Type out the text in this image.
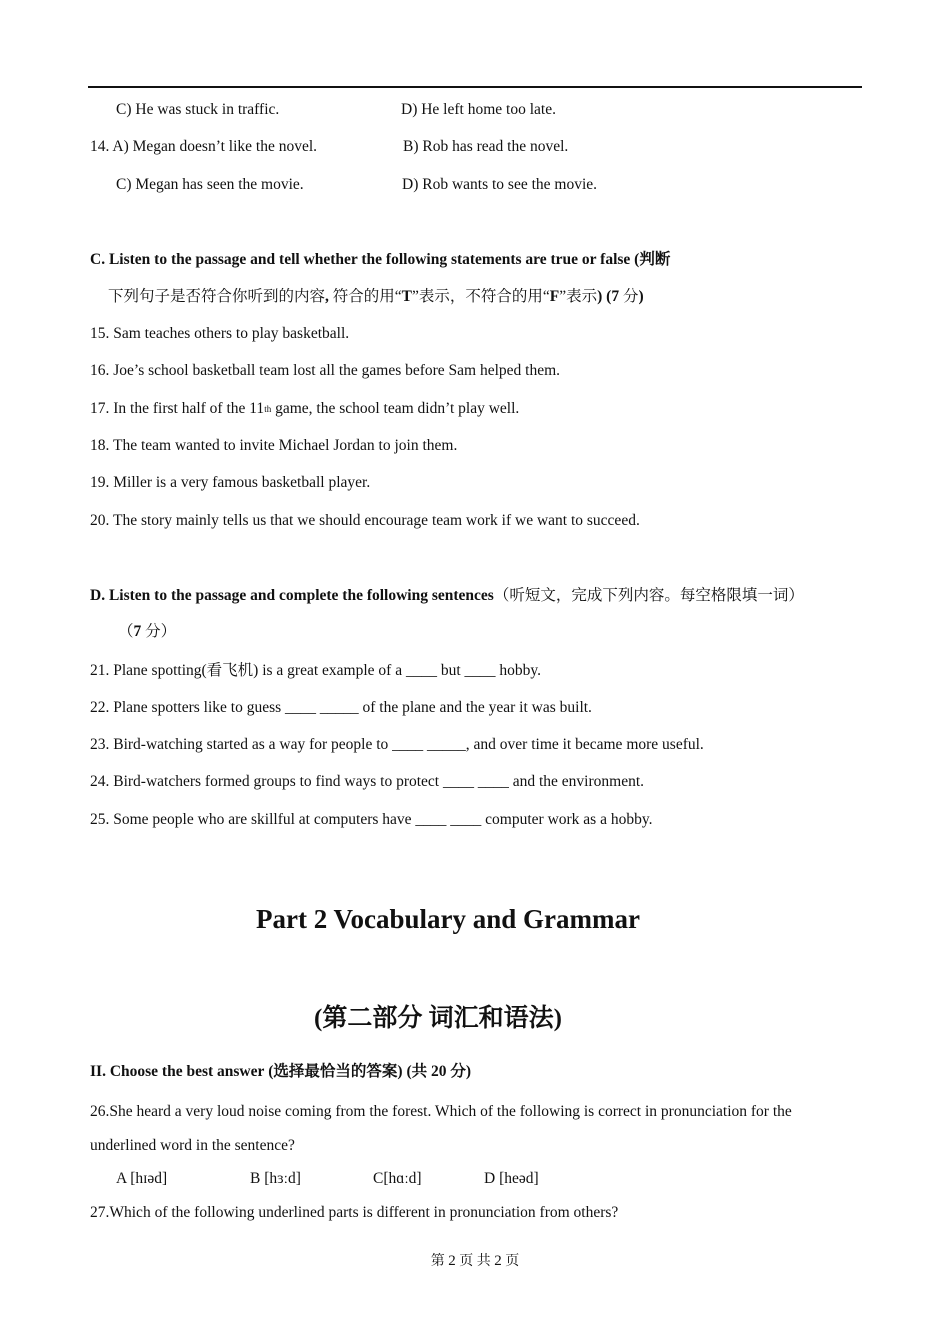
C) He was stuck in traffic.	D) He left home too late.
14. A) Megan doesn’t like the novel.	B) Rob has read the novel.
C) Megan has seen the movie.	D) Rob wants to see the movie.
C. Listen to the passage and tell whether the following statements are true or false (判断
下列句子是否符合你听到的内容, 符合的用“T”表示，不符合的用“F”表示) (7 分)
15. Sam teaches others to play basketball.
16. Joe’s school basketball team lost all the games before Sam helped them.
17. In the first half of the 11th game, the school team didn’t play well.
18. The team wanted to invite Michael Jordan to join them.
19. Miller is a very famous basketball player.
20. The story mainly tells us that we should encourage team work if we want to succeed.
D. Listen to the passage and complete the following sentences（听短文，完成下列内容。每空格限填一词）
（7 分）
21. Plane spotting(看飞机) is a great example of a ____ but ____ hobby.
22. Plane spotters like to guess ____ _____ of the plane and the year it was built.
23. Bird-watching started as a way for people to ____ _____, and over time it became more useful.
24. Bird-watchers formed groups to find ways to protect ____ ____ and the environment.
25. Some people who are skillful at computers have ____ ____ computer work as a hobby.
Part 2 Vocabulary and Grammar
(第二部分 词汇和语法)
II. Choose the best answer (选择最恰当的答案) (共 20 分)
26.She heard a very loud noise coming from the forest. Which of the following is correct in pronunciation for the
underlined word in the sentence?
A [hɪəd]	B [hɜːd]	C[hɑːd]	D [heəd]
27.Which of the following underlined parts is different in pronunciation from others?
第 2 页 共 2 页
